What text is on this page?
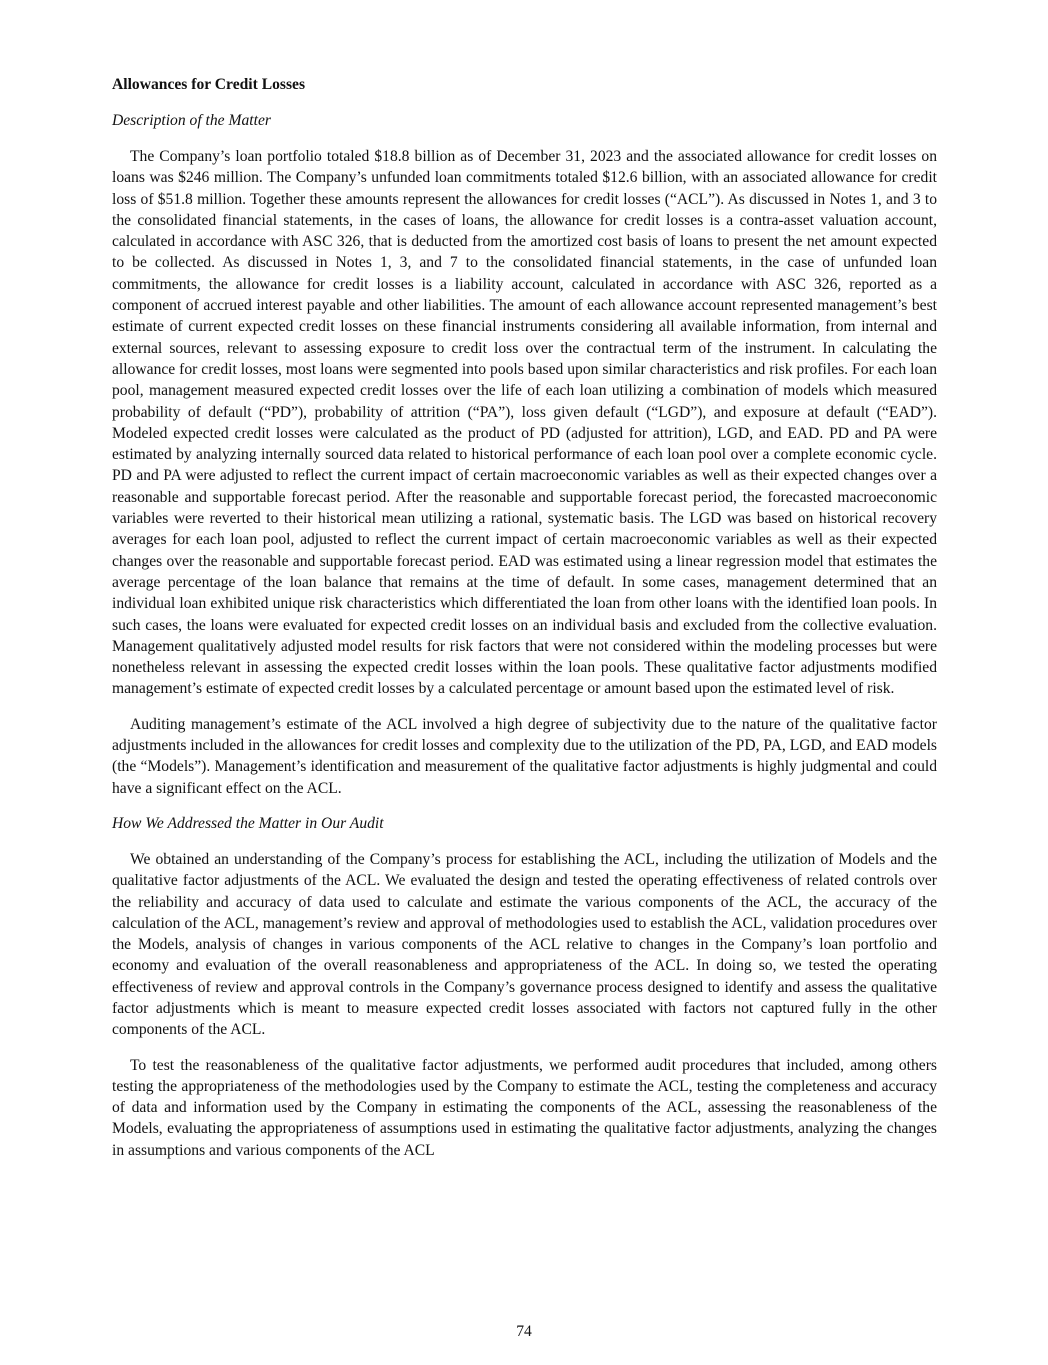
Allowances for Credit Losses
Description of the Matter

The Company’s loan portfolio totaled $18.8 billion as of December 31, 2023 and the associated allowance for credit losses on loans was $246 million. The Company’s unfunded loan commitments totaled $12.6 billion, with an associated allowance for credit loss of $51.8 million. Together these amounts represent the allowances for credit losses (“ACL”). As discussed in Notes 1, and 3 to the consolidated financial statements, in the cases of loans, the allowance for credit losses is a contra-asset valuation account, calculated in accordance with ASC 326, that is deducted from the amortized cost basis of loans to present the net amount expected to be collected. As discussed in Notes 1, 3, and 7 to the consolidated financial statements, in the case of unfunded loan commitments, the allowance for credit losses is a liability account, calculated in accordance with ASC 326, reported as a component of accrued interest payable and other liabilities. The amount of each allowance account represented management’s best estimate of current expected credit losses on these financial instruments considering all available information, from internal and external sources, relevant to assessing exposure to credit loss over the contractual term of the instrument. In calculating the allowance for credit losses, most loans were segmented into pools based upon similar characteristics and risk profiles. For each loan pool, management measured expected credit losses over the life of each loan utilizing a combination of models which measured probability of default (“PD”), probability of attrition (“PA”), loss given default (“LGD”), and exposure at default (“EAD”). Modeled expected credit losses were calculated as the product of PD (adjusted for attrition), LGD, and EAD. PD and PA were estimated by analyzing internally sourced data related to historical performance of each loan pool over a complete economic cycle. PD and PA were adjusted to reflect the current impact of certain macroeconomic variables as well as their expected changes over a reasonable and supportable forecast period. After the reasonable and supportable forecast period, the forecasted macroeconomic variables were reverted to their historical mean utilizing a rational, systematic basis. The LGD was based on historical recovery averages for each loan pool, adjusted to reflect the current impact of certain macroeconomic variables as well as their expected changes over the reasonable and supportable forecast period. EAD was estimated using a linear regression model that estimates the average percentage of the loan balance that remains at the time of default. In some cases, management determined that an individual loan exhibited unique risk characteristics which differentiated the loan from other loans with the identified loan pools. In such cases, the loans were evaluated for expected credit losses on an individual basis and excluded from the collective evaluation. Management qualitatively adjusted model results for risk factors that were not considered within the modeling processes but were nonetheless relevant in assessing the expected credit losses within the loan pools. These qualitative factor adjustments modified management’s estimate of expected credit losses by a calculated percentage or amount based upon the estimated level of risk.

Auditing management’s estimate of the ACL involved a high degree of subjectivity due to the nature of the qualitative factor adjustments included in the allowances for credit losses and complexity due to the utilization of the PD, PA, LGD, and EAD models (the “Models”). Management’s identification and measurement of the qualitative factor adjustments is highly judgmental and could have a significant effect on the ACL.

How We Addressed the Matter in Our Audit

We obtained an understanding of the Company’s process for establishing the ACL, including the utilization of Models and the qualitative factor adjustments of the ACL. We evaluated the design and tested the operating effectiveness of related controls over the reliability and accuracy of data used to calculate and estimate the various components of the ACL, the accuracy of the calculation of the ACL, management’s review and approval of methodologies used to establish the ACL, validation procedures over the Models, analysis of changes in various components of the ACL relative to changes in the Company’s loan portfolio and economy and evaluation of the overall reasonableness and appropriateness of the ACL. In doing so, we tested the operating effectiveness of review and approval controls in the Company’s governance process designed to identify and assess the qualitative factor adjustments which is meant to measure expected credit losses associated with factors not captured fully in the other components of the ACL.

To test the reasonableness of the qualitative factor adjustments, we performed audit procedures that included, among others testing the appropriateness of the methodologies used by the Company to estimate the ACL, testing the completeness and accuracy of data and information used by the Company in estimating the components of the ACL, assessing the reasonableness of the Models, evaluating the appropriateness of assumptions used in estimating the qualitative factor adjustments, analyzing the changes in assumptions and various components of the ACL

74
